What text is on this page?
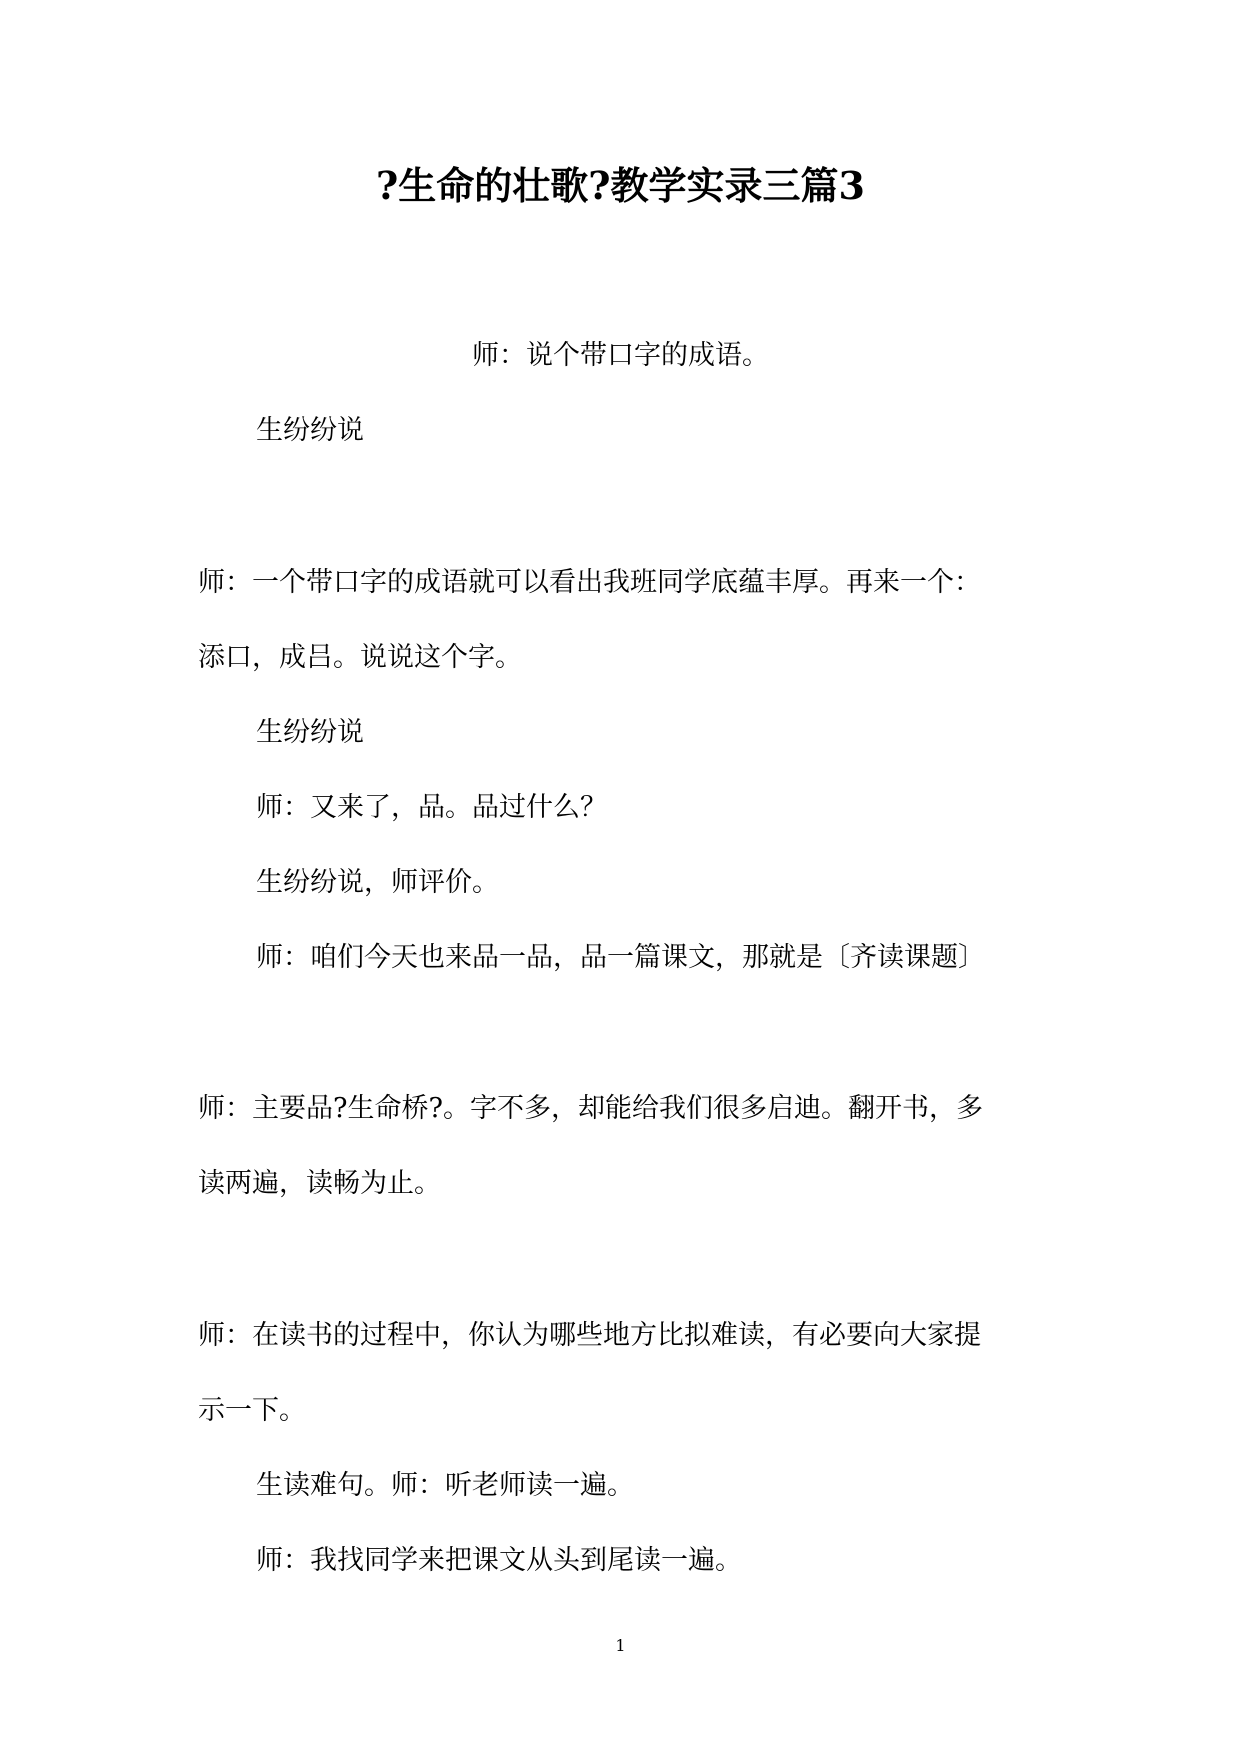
?生命的壮歌?教学实录三篇3

师：说个带口字的成语。

生纷纷说

师：一个带口字的成语就可以看出我班同学底蕴丰厚。再来一个：

添口，成吕。说说这个字。

生纷纷说

师：又来了，品。品过什么？

生纷纷说，师评价。

师：咱们今天也来品一品，品一篇课文，那就是〔齐读课题〕

师：主要品?生命桥?。字不多，却能给我们很多启迪。翻开书，多

读两遍，读畅为止。

师：在读书的过程中，你认为哪些地方比拟难读，有必要向大家提

示一下。

生读难句。师：听老师读一遍。

师：我找同学来把课文从头到尾读一遍。

1
